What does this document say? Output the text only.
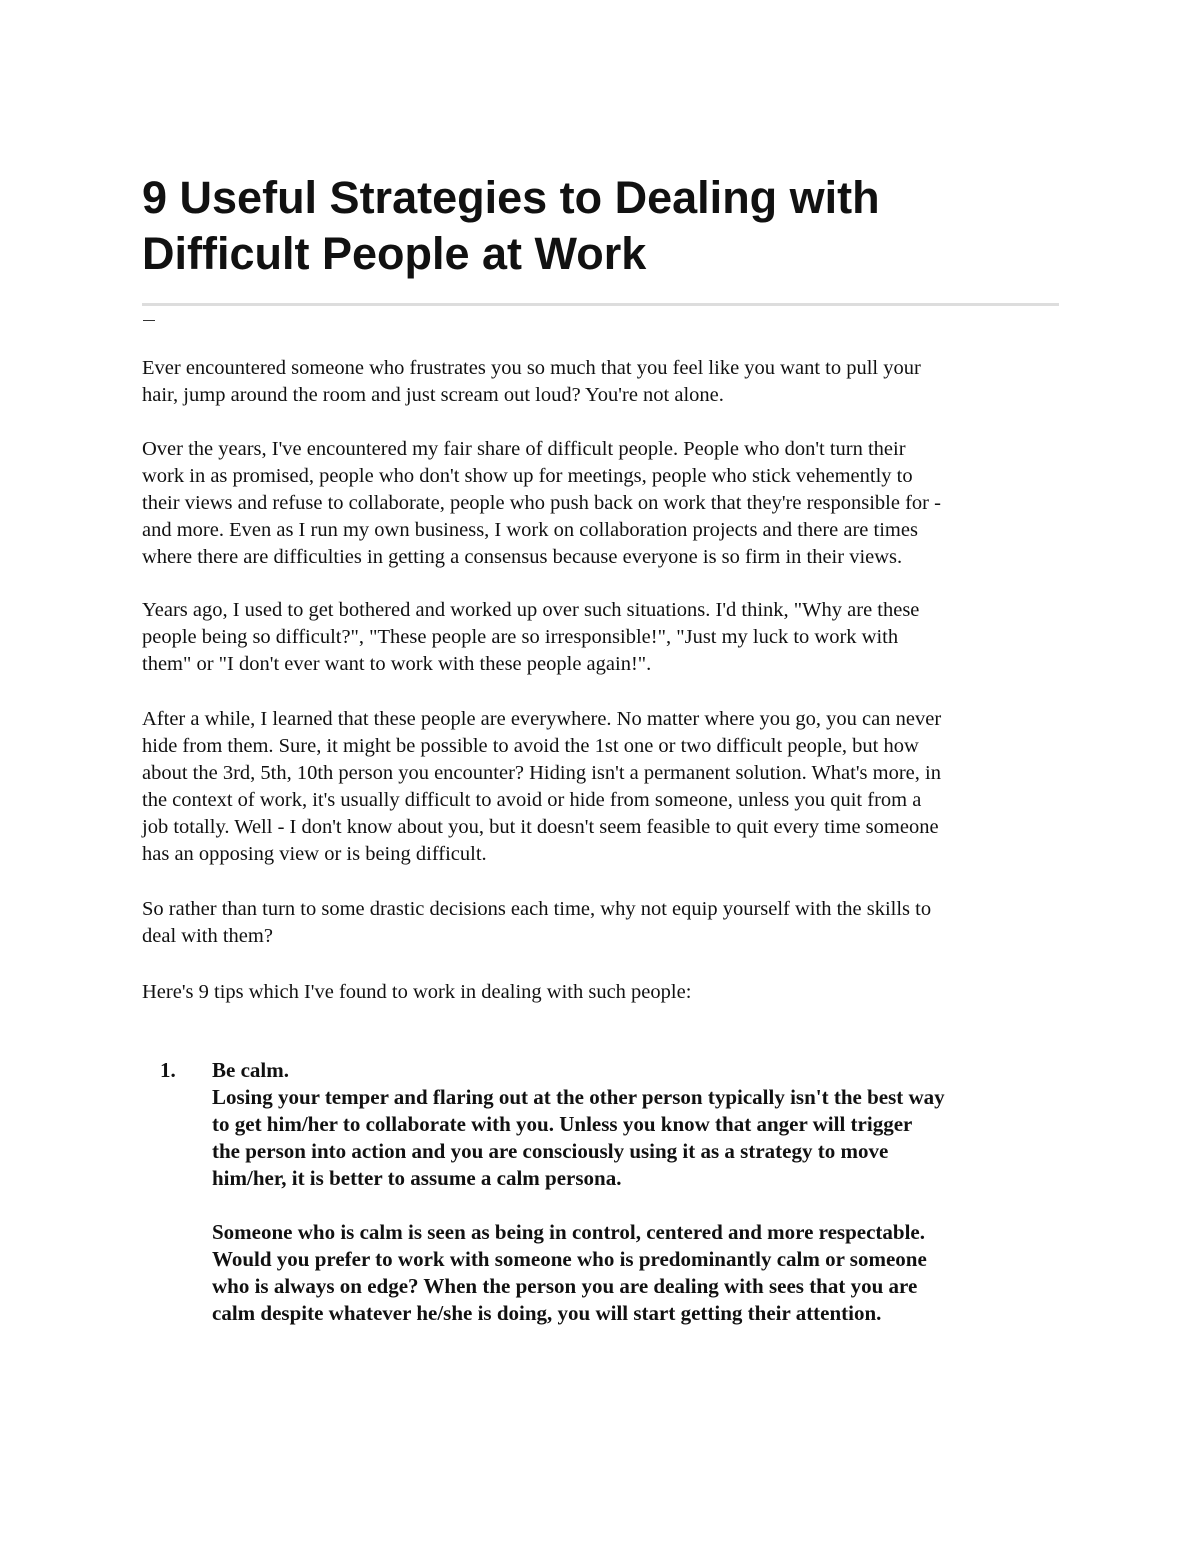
9 Useful Strategies to Dealing with
Difficult People at Work

Ever encountered someone who frustrates you so much that you feel like you want to pull your
hair, jump around the room and just scream out loud? You're not alone.

Over the years, I've encountered my fair share of difficult people. People who don't turn their
work in as promised, people who don't show up for meetings, people who stick vehemently to
their views and refuse to collaborate, people who push back on work that they're responsible for -
and more. Even as I run my own business, I work on collaboration projects and there are times
where there are difficulties in getting a consensus because everyone is so firm in their views.

Years ago, I used to get bothered and worked up over such situations. I'd think, "Why are these
people being so difficult?", "These people are so irresponsible!", "Just my luck to work with
them" or "I don't ever want to work with these people again!".

After a while, I learned that these people are everywhere. No matter where you go, you can never
hide from them. Sure, it might be possible to avoid the 1st one or two difficult people, but how
about the 3rd, 5th, 10th person you encounter? Hiding isn't a permanent solution. What's more, in
the context of work, it's usually difficult to avoid or hide from someone, unless you quit from a
job totally. Well - I don't know about you, but it doesn't seem feasible to quit every time someone
has an opposing view or is being difficult.

So rather than turn to some drastic decisions each time, why not equip yourself with the skills to
deal with them?

Here's 9 tips which I've found to work in dealing with such people:

1. Be calm.
Losing your temper and flaring out at the other person typically isn't the best way
to get him/her to collaborate with you. Unless you know that anger will trigger
the person into action and you are consciously using it as a strategy to move
him/her, it is better to assume a calm persona.
Someone who is calm is seen as being in control, centered and more respectable.
Would you prefer to work with someone who is predominantly calm or someone
who is always on edge? When the person you are dealing with sees that you are
calm despite whatever he/she is doing, you will start getting their attention.
